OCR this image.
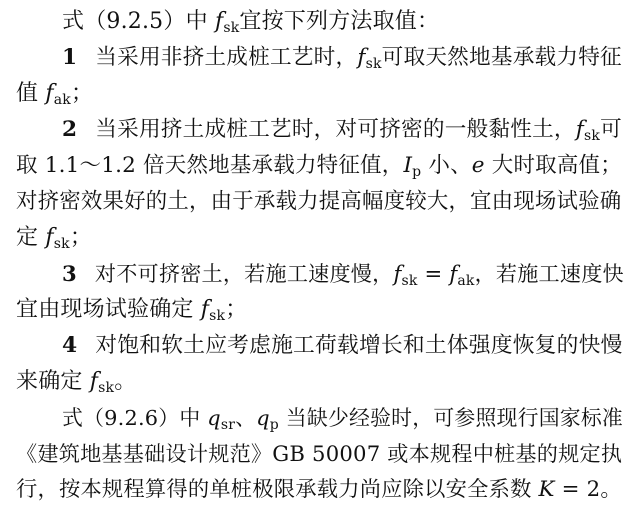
式（9.2.5）中 $f_{sk}$宜按下列方法取值：
1 当采用非挤土成桩工艺时，$f_{sk}$可取天然地基承载力特征
值 $f_{ak}$；
2 当采用挤土成桩工艺时，对可挤密的一般黏性土，$f_{sk}$可
取 1.1～1.2 倍天然地基承载力特征值，$I_p$ 小、e 大时取高值；
对挤密效果好的土，由于承载力提高幅度较大，宜由现场试验确
定 $f_{sk}$；
3 对不可挤密土，若施工速度慢，$f_{sk} = f_{ak}$，若施工速度快
宜由现场试验确定 $f_{sk}$；
4 对饱和软土应考虑施工荷载增长和土体强度恢复的快慢
来确定 $f_{sk}$。
式（9.2.6）中 $q_{sr}$、$q_p$ 当缺少经验时，可参照现行国家标准
《建筑地基基础设计规范》GB 50007 或本规程中桩基的规定执
行，按本规程算得的单桩极限承载力尚应除以安全系数 K = 2。
